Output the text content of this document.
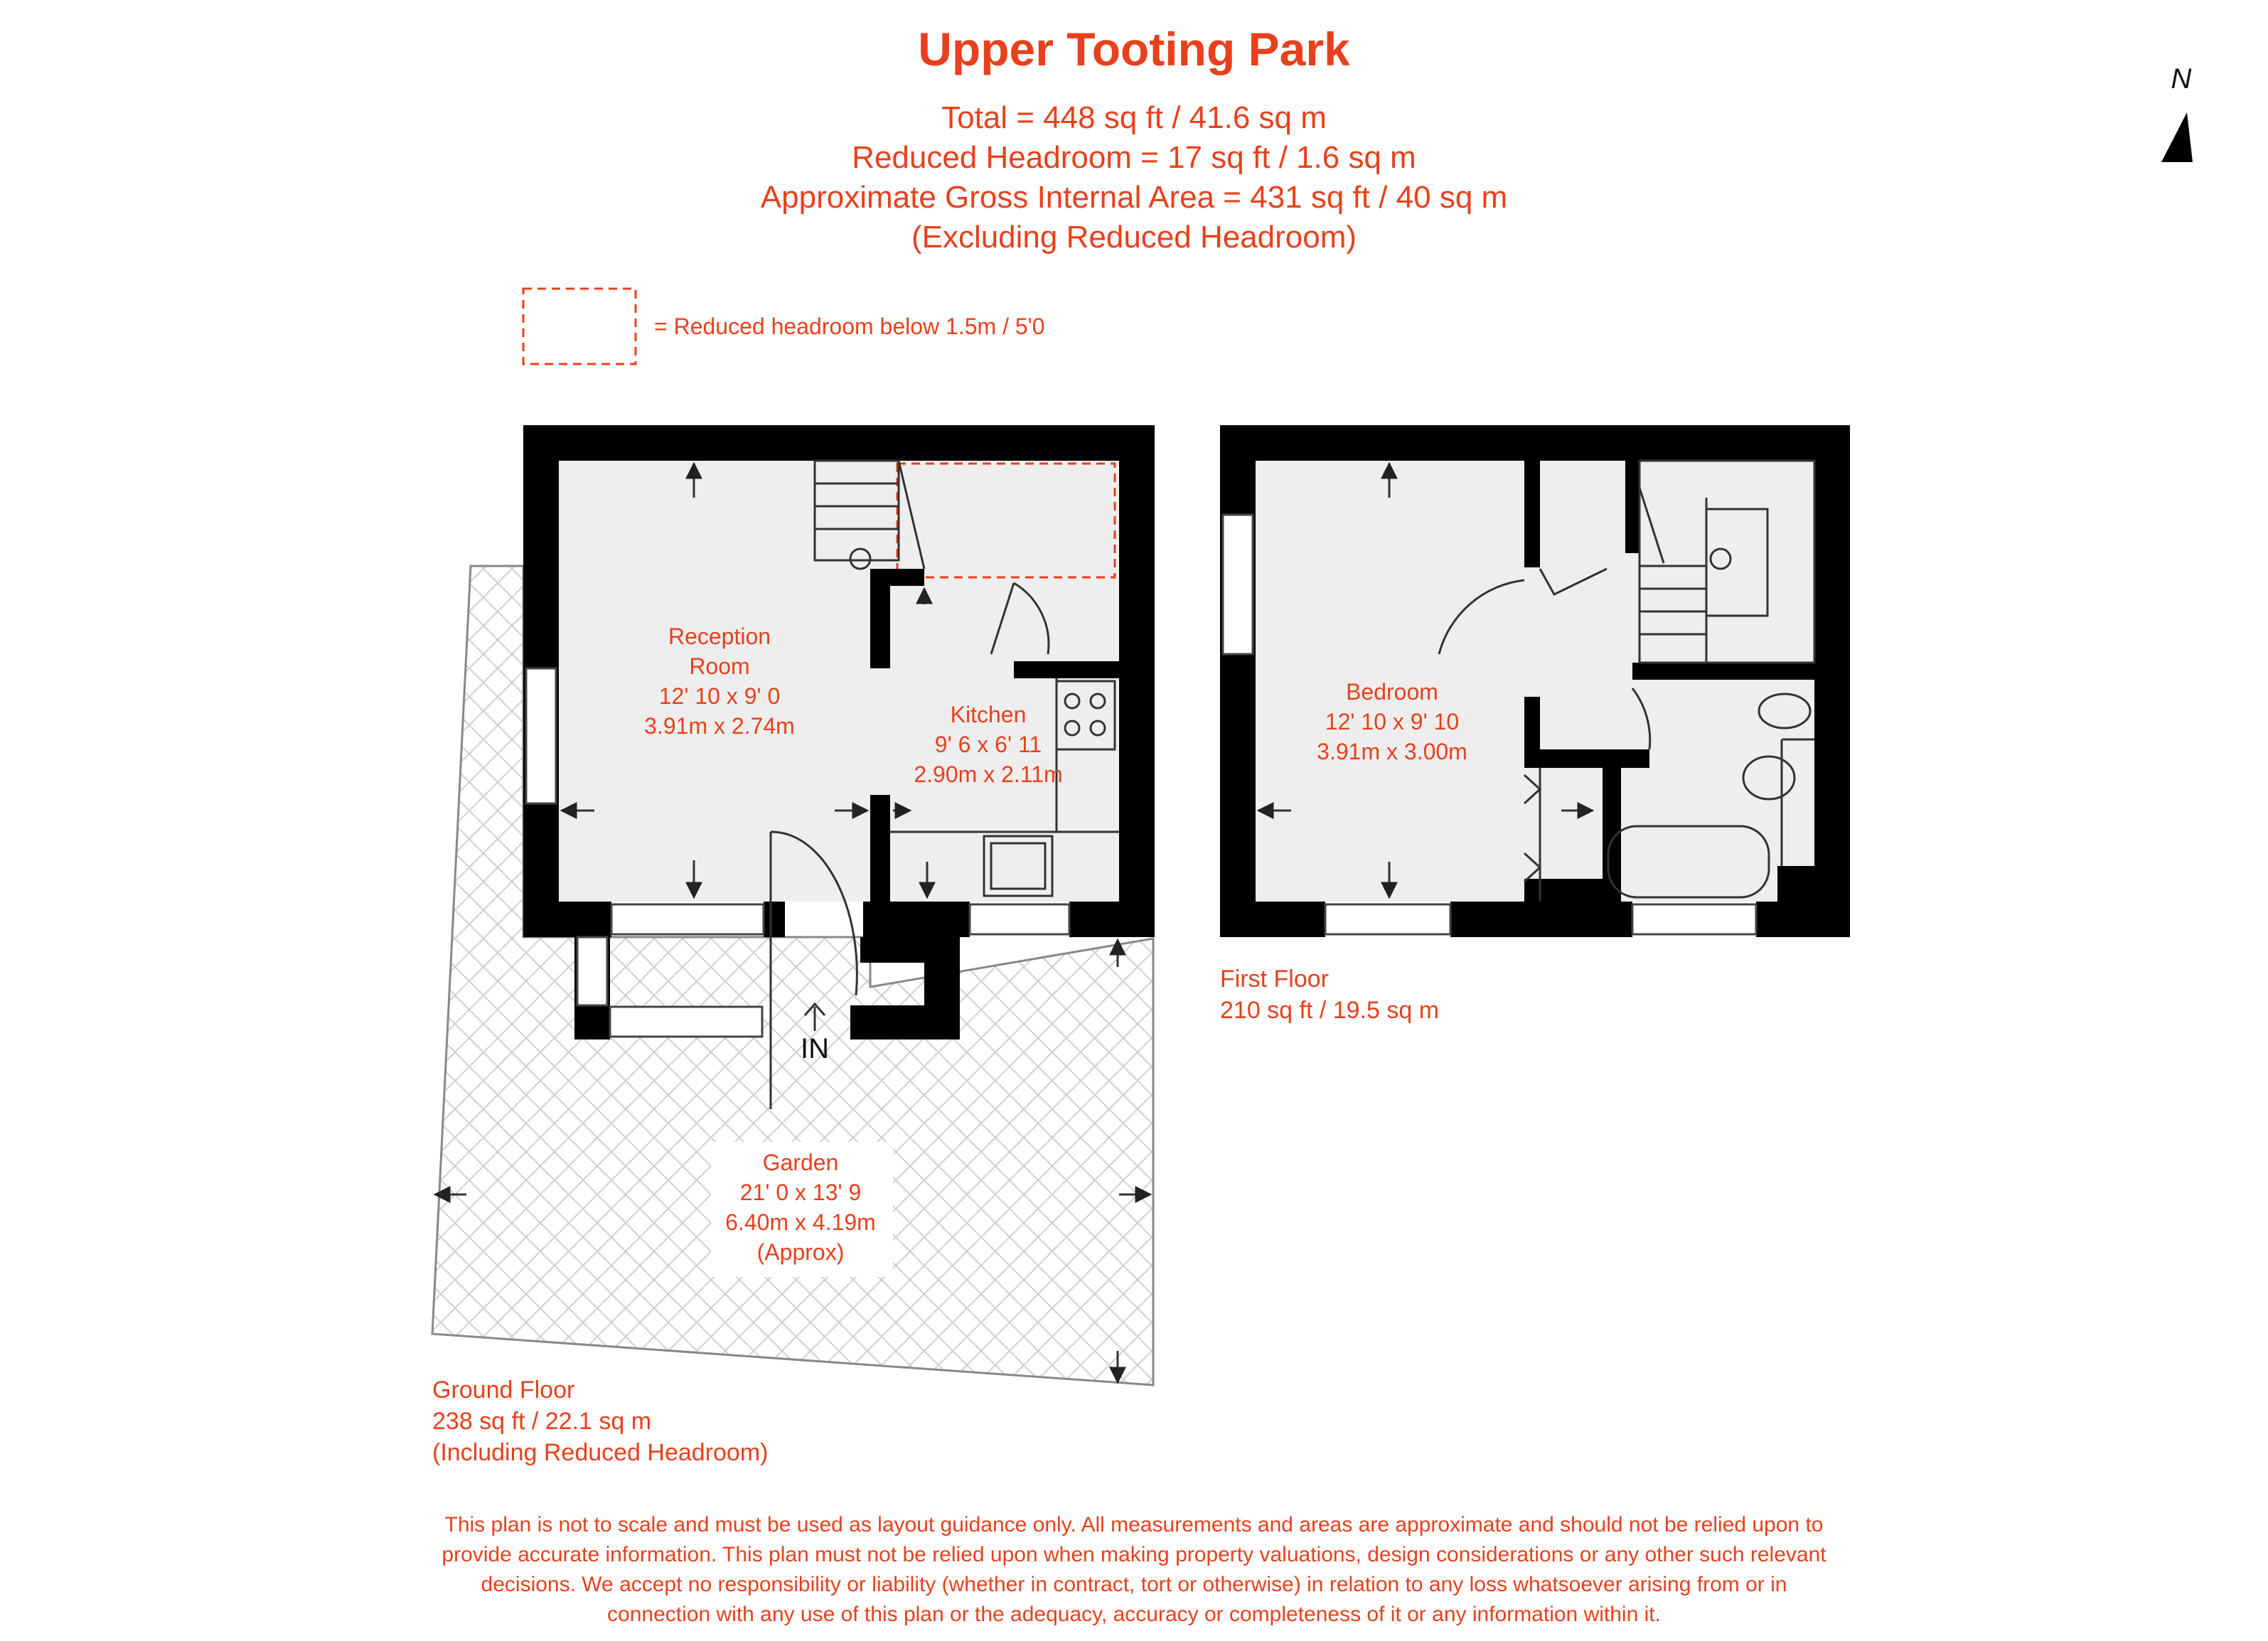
Upper Tooting Park
Total = 448 sq ft / 41.6 sq m
Reduced Headroom = 17 sq ft / 1.6 sq m
Approximate Gross Internal Area = 431 sq ft / 40 sq m
(Excluding Reduced Headroom)
= Reduced headroom below 1.5m / 5'0
N
IN
Reception
Room
12' 10 x 9' 0
3.91m x 2.74m	Kitchen
9' 6 x 6' 11
2.90m x 2.11m
Garden
21' 0 x 13' 9
6.40m x 4.19m
(Approx)
Ground Floor
238 sq ft / 22.1 sq m
(Including Reduced Headroom)
Bedroom
12' 10 x 9' 10
3.91m x 3.00m
First Floor
210 sq ft / 19.5 sq m
This plan is not to scale and must be used as layout guidance only. All measurements and areas are approximate and should not be relied upon to
provide accurate information. This plan must not be relied upon when making property valuations, design considerations or any other such relevant
decisions. We accept no responsibility or liability (whether in contract, tort or otherwise) in relation to any loss whatsoever arising from or in
connection with any use of this plan or the adequacy, accuracy or completeness of it or any information within it.
